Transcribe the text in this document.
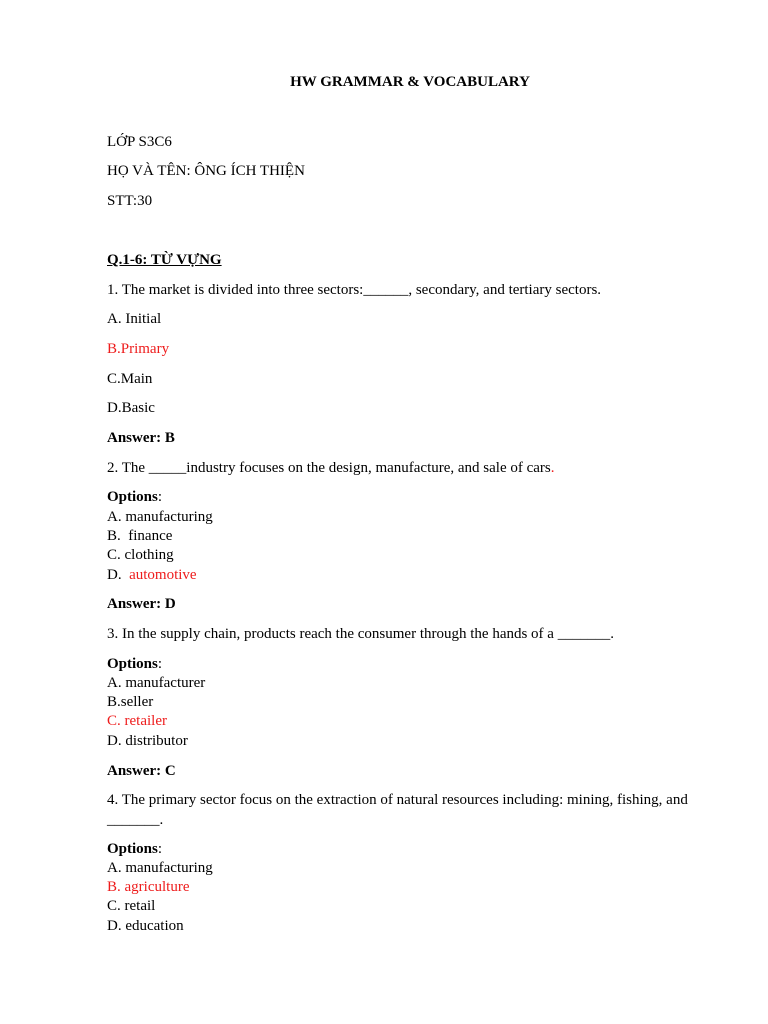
HW GRAMMAR & VOCABULARY
LỚP S3C6
HỌ VÀ TÊN: ÔNG ÍCH THIỆN
STT:30
Q.1-6: TỪ VỰNG
1. The market is divided into three sectors:______, secondary, and tertiary sectors.
A. Initial
B.Primary
C.Main
D.Basic
Answer: B
2. The _____industry focuses on the design, manufacture, and sale of cars.
Options:
A. manufacturing
B.  finance
C. clothing
D.  automotive
Answer: D
3. In the supply chain, products reach the consumer through the hands of a _______.
Options:
A. manufacturer
B.seller
C. retailer
D. distributor
Answer: C
4. The primary sector focus on the extraction of natural resources including: mining, fishing, and
_______.
Options:
A. manufacturing
B. agriculture
C. retail
D. education
